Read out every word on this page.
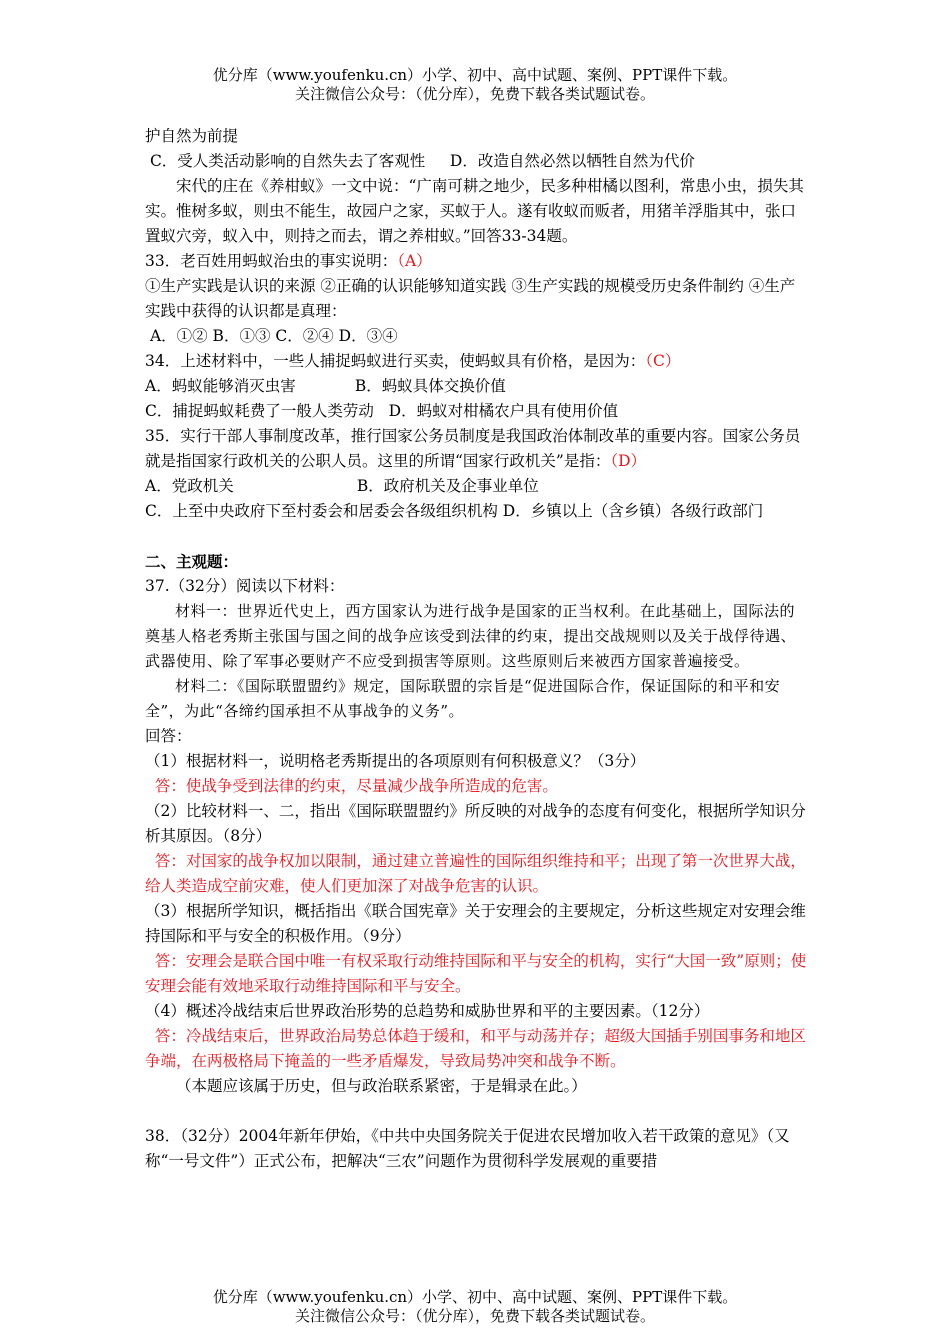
优分库（www.youfenku.cn）小学、初中、高中试题、案例、PPT课件下载。
关注微信公众号：（优分库），免费下载各类试题试卷。

护自然为前提

C．受人类活动影响的自然失去了客观性     D．改造自然必然以牺牲自然为代价

宋代的庄在《养柑蚁》一文中说：“广南可耕之地少，民多种柑橘以图利，常患小虫，损失其实。惟树多蚁，则虫不能生，故园户之家，买蚁于人。遂有收蚁而贩者，用猪羊浮脂其中，张口置蚁穴旁，蚁入中，则持之而去，谓之养柑蚁。”回答33-34题。

33．老百姓用蚂蚁治虫的事实说明：（A）

①生产实践是认识的来源 ②正确的认识能够知道实践 ③生产实践的规模受历史条件制约 ④生产实践中获得的认识都是真理：

A．①② B．①③ C．②④ D．③④

34．上述材料中，一些人捕捉蚂蚁进行买卖，使蚂蚁具有价格，是因为：（C）

A．蚂蚁能够消灭虫害            B．蚂蚁具体交换价值

C．捕捉蚂蚁耗费了一般人类劳动   D．蚂蚁对柑橘农户具有使用价值

35．实行干部人事制度改革，推行国家公务员制度是我国政治体制改革的重要内容。国家公务员就是指国家行政机关的公职人员。这里的所谓“国家行政机关”是指：（D）

A．党政机关                         B．政府机关及企事业单位

C．上至中央政府下至村委会和居委会各级组织机构 D．乡镇以上（含乡镇）各级行政部门

二、主观题：

37.（32分）阅读以下材料：

材料一：世界近代史上，西方国家认为进行战争是国家的正当权利。在此基础上，国际法的奠基人格老秀斯主张国与国之间的战争应该受到法律的约束，提出交战规则以及关于战俘待遇、武器使用、除了军事必要财产不应受到损害等原则。这些原则后来被西方国家普遍接受。

材料二：《国际联盟盟约》规定，国际联盟的宗旨是“促进国际合作，保证国际的和平和安全”，为此“各缔约国承担不从事战争的义务”。

回答：

（1）根据材料一，说明格老秀斯提出的各项原则有何积极意义？（3分）

答：使战争受到法律的约束，尽量减少战争所造成的危害。

（2）比较材料一、二，指出《国际联盟盟约》所反映的对战争的态度有何变化，根据所学知识分析其原因。（8分）

答：对国家的战争权加以限制，通过建立普遍性的国际组织维持和平；出现了第一次世界大战，给人类造成空前灾难，使人们更加深了对战争危害的认识。

（3）根据所学知识，概括指出《联合国宪章》关于安理会的主要规定，分析这些规定对安理会维持国际和平与安全的积极作用。（9分）

答：安理会是联合国中唯一有权采取行动维持国际和平与安全的机构，实行“大国一致”原则；使安理会能有效地采取行动维持国际和平与安全。

（4）概述冷战结束后世界政治形势的总趋势和威胁世界和平的主要因素。（12分）

答：冷战结束后，世界政治局势总体趋于缓和，和平与动荡并存；超级大国插手别国事务和地区争端，在两极格局下掩盖的一些矛盾爆发，导致局势冲突和战争不断。

（本题应该属于历史，但与政治联系紧密，于是辑录在此。）

38．（32分）2004年新年伊始，《中共中央国务院关于促进农民增加收入若干政策的意见》（又称“一号文件”）正式公布，把解决“三农”问题作为贯彻科学发展观的重要措

优分库（www.youfenku.cn）小学、初中、高中试题、案例、PPT课件下载。
关注微信公众号：（优分库），免费下载各类试题试卷。
